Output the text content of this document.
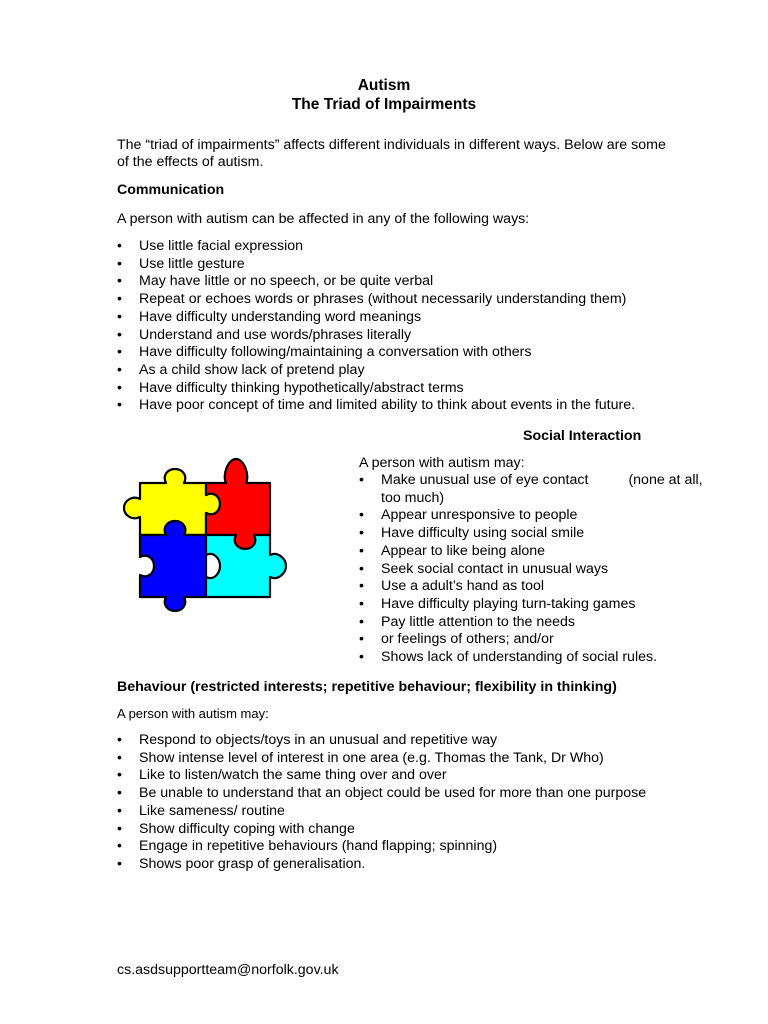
Autism
The Triad of Impairments
The “triad of impairments” affects different individuals in different ways. Below are some of the effects of autism.
Communication
A person with autism can be affected in any of the following ways:
• Use little facial expression
• Use little gesture
• May have little or no speech, or be quite verbal
• Repeat or echoes words or phrases (without necessarily understanding them)
• Have difficulty understanding word meanings
• Understand and use words/phrases literally
• Have difficulty following/maintaining a conversation with others
• As a child show lack of pretend play
• Have difficulty thinking hypothetically/abstract terms
• Have poor concept of time and limited ability to think about events in the future.
Social Interaction
A person with autism may:
• Make unusual use of eye contact	(none at all,
too much)
• Appear unresponsive to people
• Have difficulty using social smile
• Appear to like being alone
• Seek social contact in unusual ways
• Use a adult’s hand as tool
• Have difficulty playing turn-taking games
• Pay little attention to the needs
• or feelings of others; and/or
• Shows lack of understanding of social rules.
Behaviour (restricted interests; repetitive behaviour; flexibility in thinking)
A person with autism may:
• Respond to objects/toys in an unusual and repetitive way
• Show intense level of interest in one area (e.g. Thomas the Tank, Dr Who)
• Like to listen/watch the same thing over and over
• Be unable to understand that an object could be used for more than one purpose
• Like sameness/ routine
• Show difficulty coping with change
• Engage in repetitive behaviours (hand flapping; spinning)
• Shows poor grasp of generalisation.
cs.asdsupportteam@norfolk.gov.uk
